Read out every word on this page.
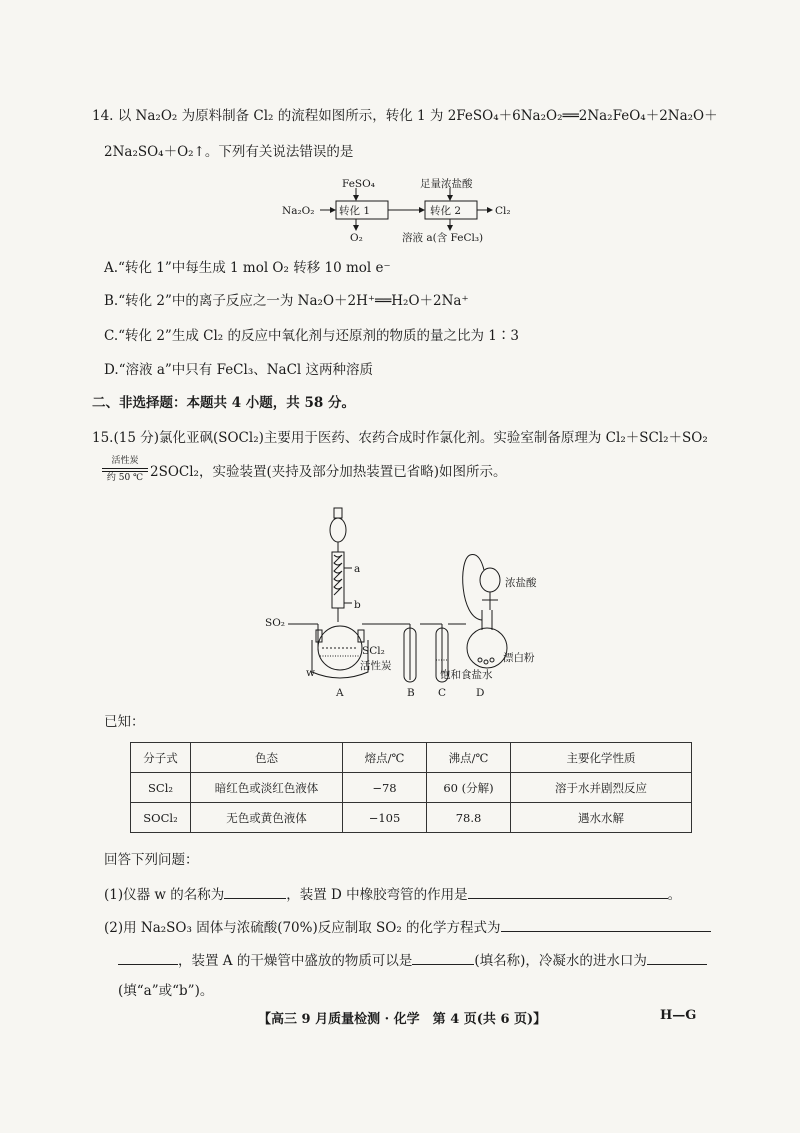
14. 以 Na₂O₂ 为原料制备 Cl₂ 的流程如图所示，转化 1 为 2FeSO₄＋6Na₂O₂══2Na₂FeO₄＋2Na₂O＋
2Na₂SO₄＋O₂↑。下列有关说法错误的是
Na₂O₂
FeSO₄
转化 1
O₂
足量浓盐酸
转化 2	Cl₂
溶液 a(含 FeCl₃)
A.“转化 1”中每生成 1 mol O₂ 转移 10 mol e⁻
B.“转化 2”中的离子反应之一为 Na₂O＋2H⁺══H₂O＋2Na⁺
C.“转化 2”生成 Cl₂ 的反应中氧化剂与还原剂的物质的量之比为 1∶3
D.“溶液 a”中只有 FeCl₃、NaCl 这两种溶质
二、非选择题：本题共 4 小题，共 58 分。
15.(15 分)氯化亚砜(SOCl₂)主要用于医药、农药合成时作氯化剂。实验室制备原理为 Cl₂＋SCl₂＋SO₂
活性炭
约 50 ℃ 2SOCl₂，实验装置(夹持及部分加热装置已省略)如图所示。
SO₂
a
b
w
SCl₂
活性炭
浓盐酸
漂白粉
饱和食盐水
A	B C	D
已知：
分子式	色态	熔点/℃	沸点/℃	主要化学性质
SCl₂	暗红色或淡红色液体	−78	60 (分解)	溶于水并剧烈反应
SOCl₂	无色或黄色液体	−105	78.8	遇水水解
回答下列问题：
(1)仪器 w 的名称为	，装置 D 中橡胶弯管的作用是	。
(2)用 Na₂SO₃ 固体与浓硫酸(70%)反应制取 SO₂ 的化学方程式为
，装置 A 的干燥管中盛放的物质可以是	(填名称)，冷凝水的进水口为
(填“a”或“b”)。
【高三 9 月质量检测 · 化学　第 4 页(共 6 页)】	H—G
